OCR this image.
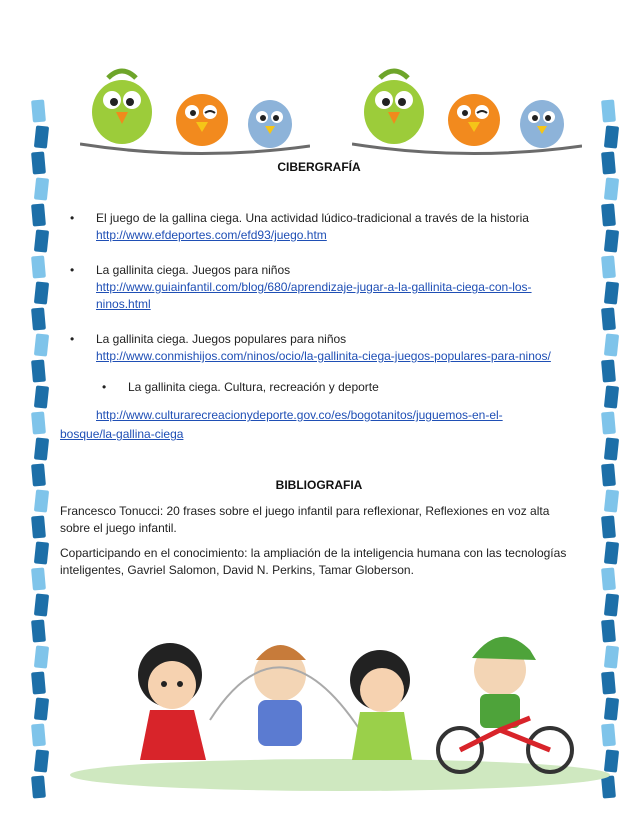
CIBERGRAFÍA
• El juego de la gallina ciega. Una actividad lúdico-tradicional a través de la historia
http://www.efdeportes.com/efd93/juego.htm
• La gallinita ciega. Juegos para niños
http://www.guiainfantil.com/blog/680/aprendizaje-jugar-a-la-gallinita-ciega-con-los-
ninos.html
• La gallinita ciega. Juegos populares para niños
http://www.conmishijos.com/ninos/ocio/la-gallinita-ciega-juegos-populares-para-ninos/
• La gallinita ciega. Cultura, recreación y deporte
http://www.culturarecreacionydeporte.gov.co/es/bogotanitos/juguemos-en-el-
bosque/la-gallina-ciega
BIBLIOGRAFIA
Francesco Tonucci: 20 frases sobre el juego infantil para reflexionar, Reflexiones en voz alta sobre el juego infantil.
Coparticipando en el conocimiento: la ampliación de la inteligencia humana con las tecnologías inteligentes, Gavriel Salomon, David N. Perkins, Tamar Globerson.
